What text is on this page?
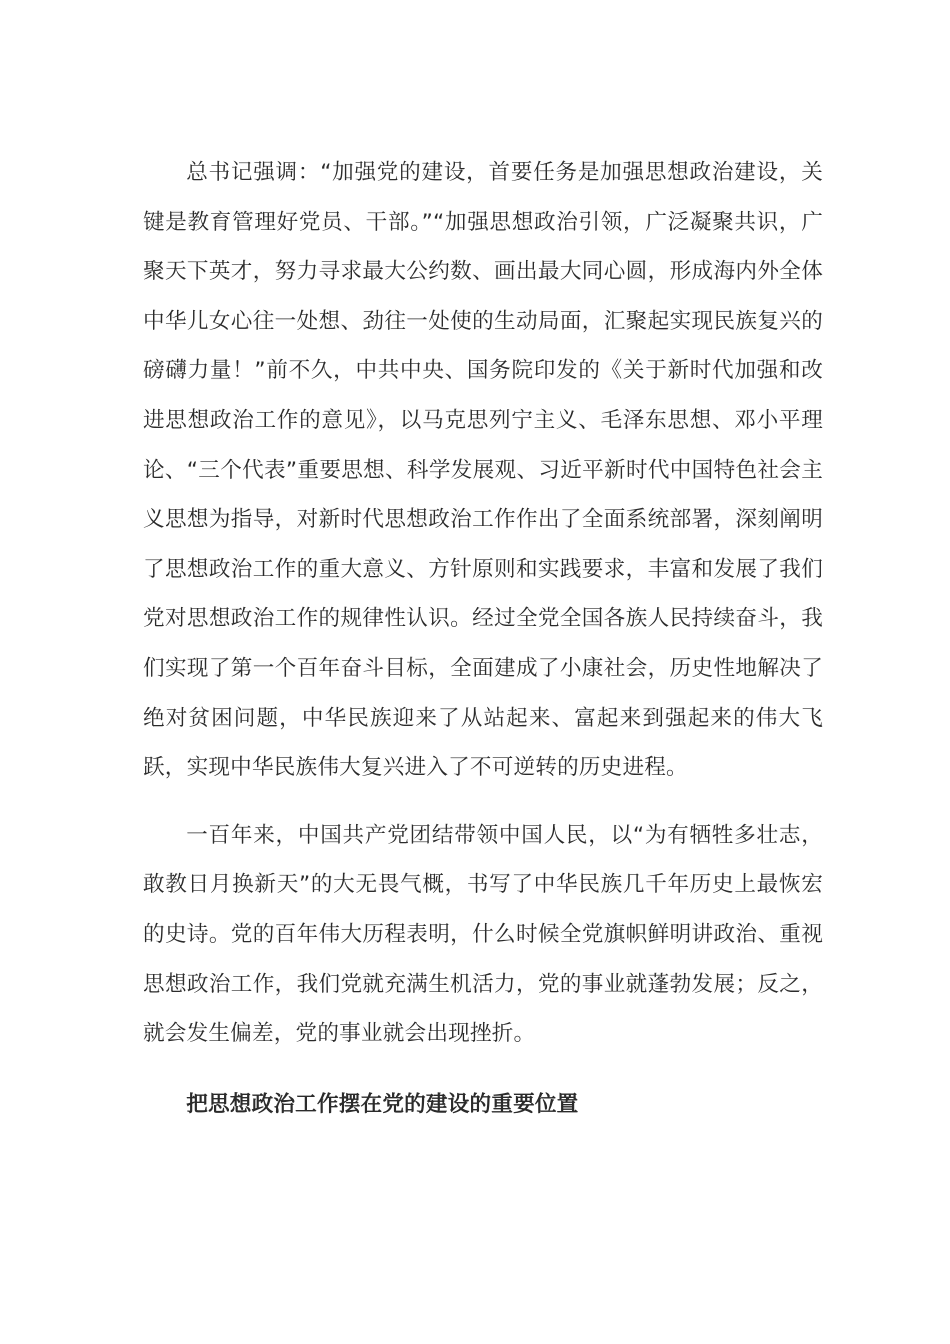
总书记强调：“加强党的建设，首要任务是加强思想政治建设，关键是教育管理好党员、干部。”“加强思想政治引领，广泛凝聚共识，广聚天下英才，努力寻求最大公约数、画出最大同心圆，形成海内外全体中华儿女心往一处想、劲往一处使的生动局面，汇聚起实现民族复兴的磅礴力量！”前不久，中共中央、国务院印发的《关于新时代加强和改进思想政治工作的意见》，以马克思列宁主义、毛泽东思想、邓小平理论、“三个代表”重要思想、科学发展观、习近平新时代中国特色社会主义思想为指导，对新时代思想政治工作作出了全面系统部署，深刻阐明了思想政治工作的重大意义、方针原则和实践要求，丰富和发展了我们党对思想政治工作的规律性认识。经过全党全国各族人民持续奋斗，我们实现了第一个百年奋斗目标，全面建成了小康社会，历史性地解决了绝对贫困问题，中华民族迎来了从站起来、富起来到强起来的伟大飞跃，实现中华民族伟大复兴进入了不可逆转的历史进程。

一百年来，中国共产党团结带领中国人民，以“为有牺牲多壮志，敢教日月换新天”的大无畏气概，书写了中华民族几千年历史上最恢宏的史诗。党的百年伟大历程表明，什么时候全党旗帜鲜明讲政治、重视思想政治工作，我们党就充满生机活力，党的事业就蓬勃发展；反之，就会发生偏差，党的事业就会出现挫折。

把思想政治工作摆在党的建设的重要位置
